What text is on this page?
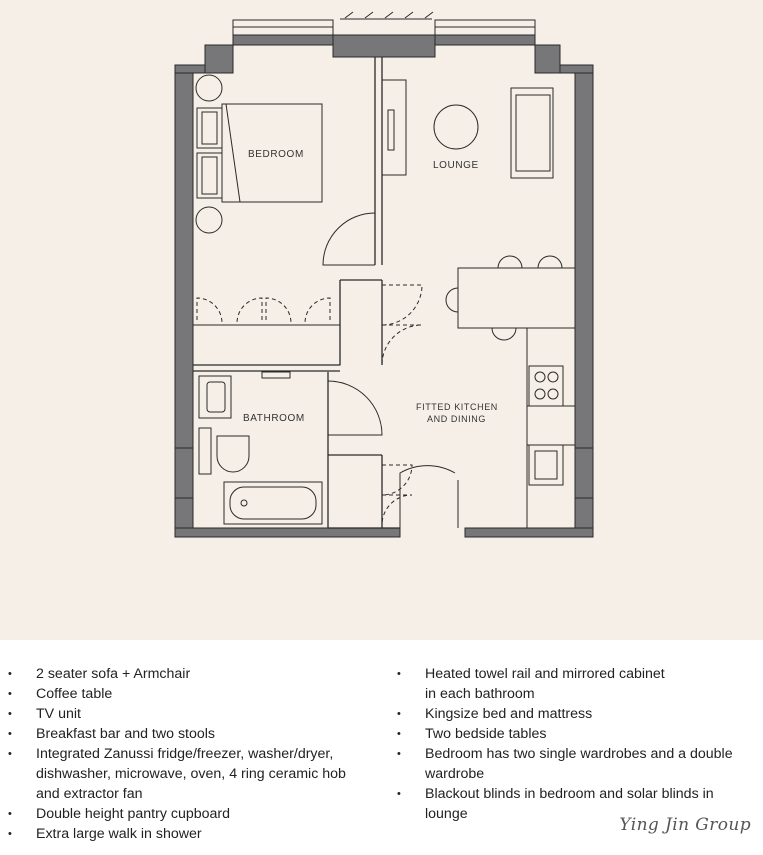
BEDROOM
LOUNGE
BATHROOM
FITTED KITCHEN
AND DINING
• 2 seater sofa + Armchair
• Coffee table
• TV unit
• Breakfast bar and two stools
• Integrated Zanussi fridge/freezer, washer/dryer,
dishwasher, microwave, oven, 4 ring ceramic hob
and extractor fan
• Double height pantry cupboard
• Extra large walk in shower
• Heated towel rail and mirrored cabinet
in each bathroom
• Kingsize bed and mattress
• Two bedside tables
• Bedroom has two single wardrobes and a double
wardrobe
• Blackout blinds in bedroom and solar blinds in
lounge
Ying Jin Group
